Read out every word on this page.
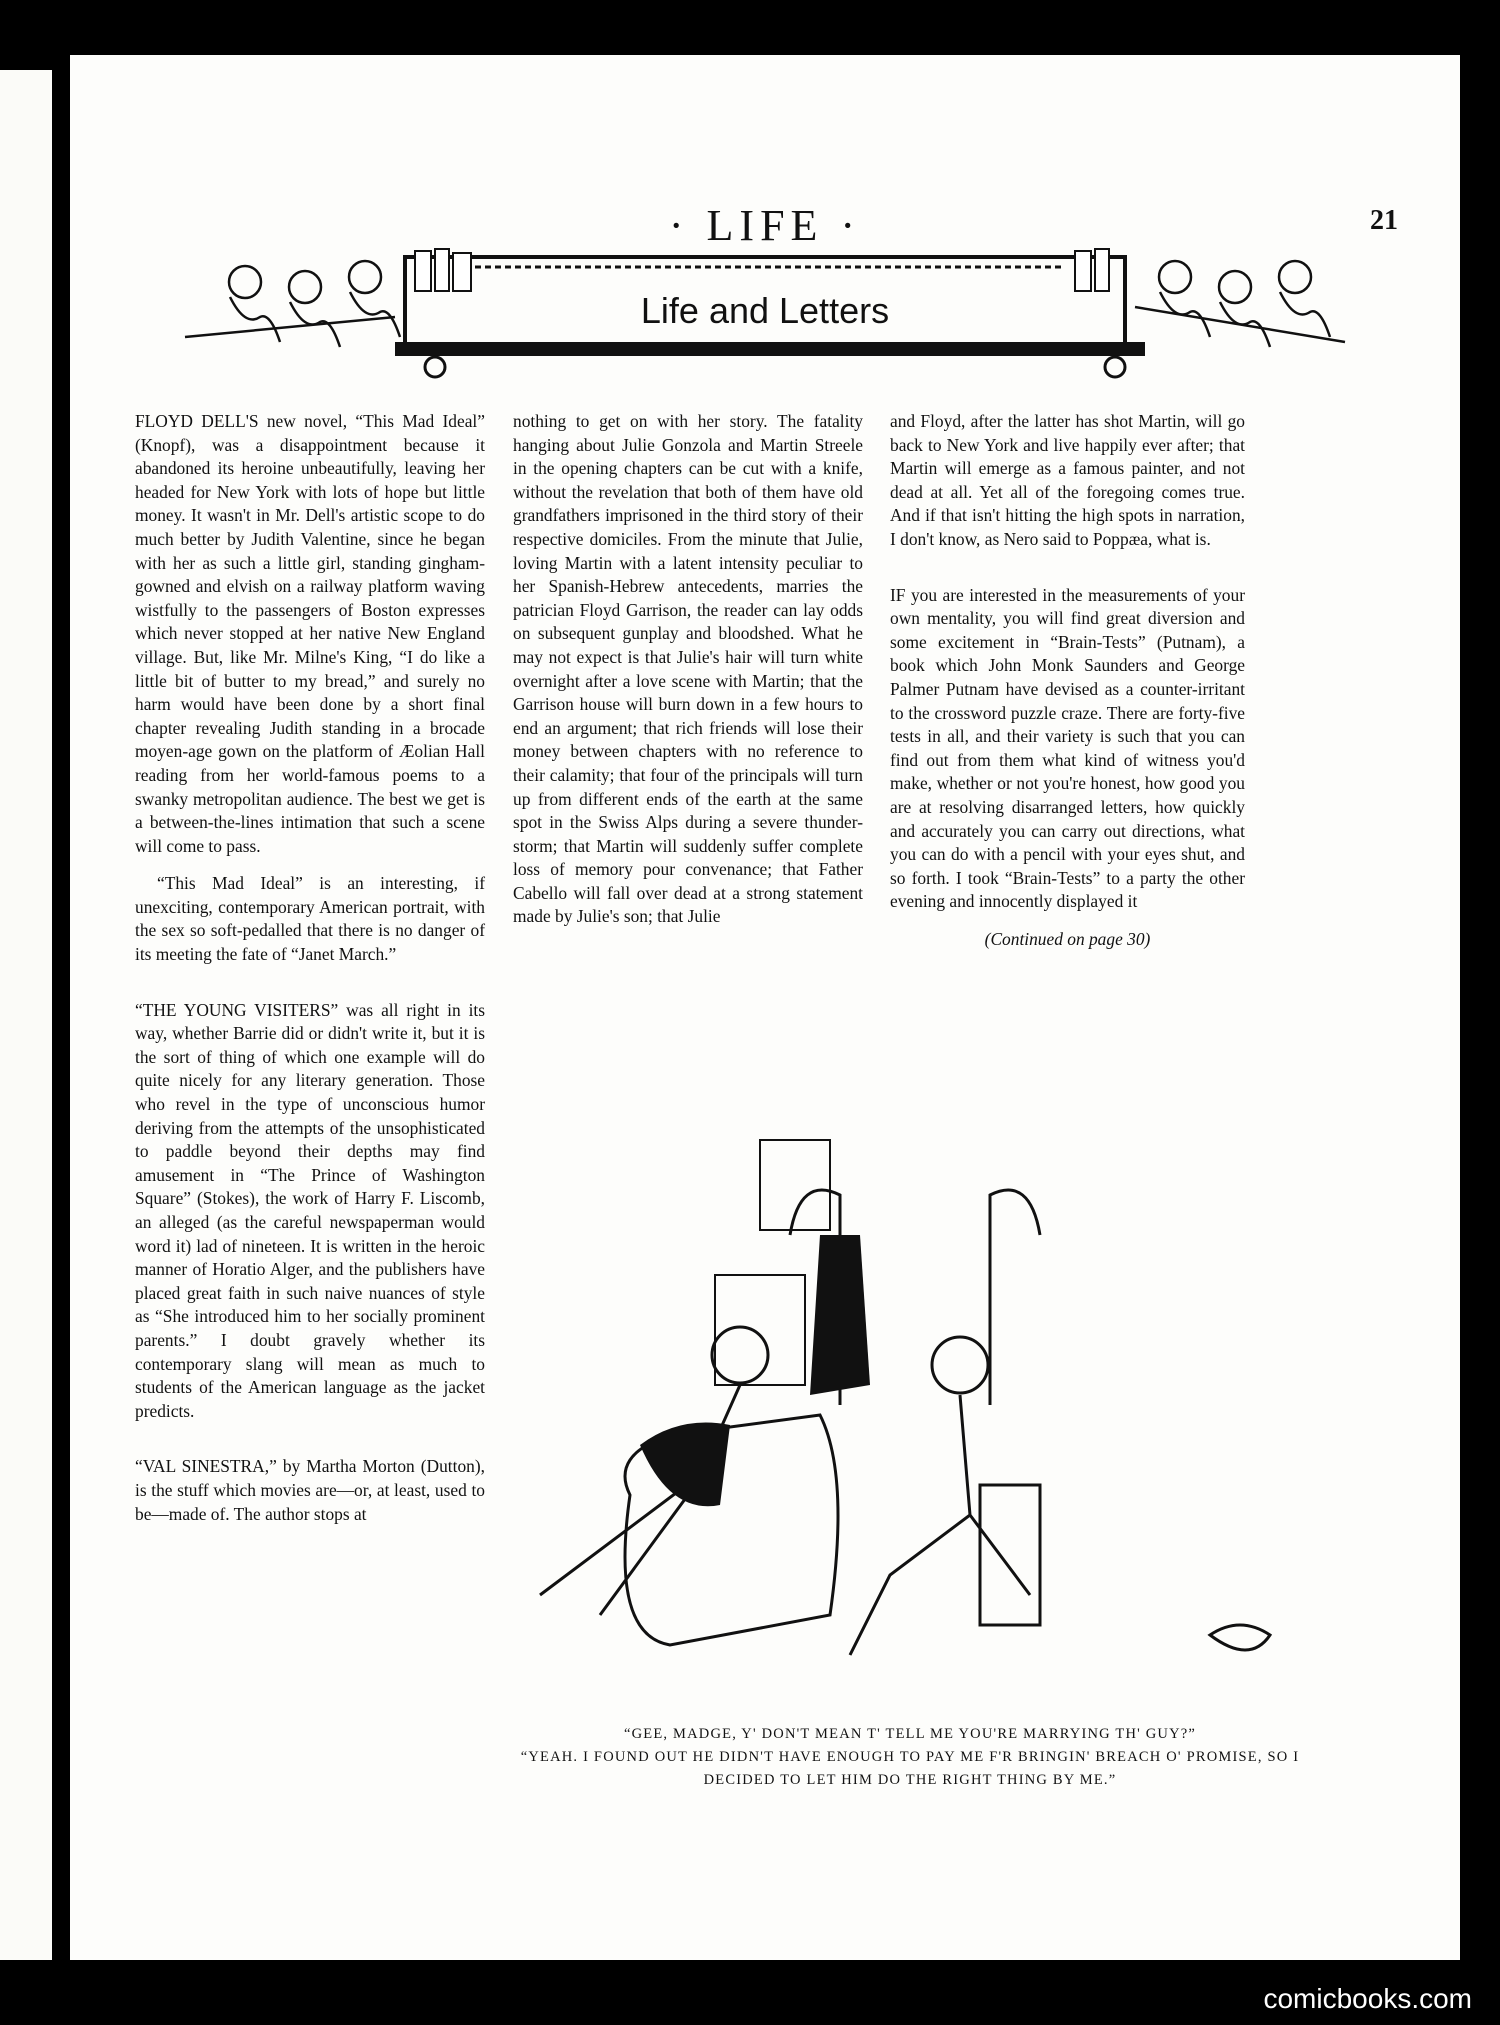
· LIFE ·	21
Life and Letters

FLOYD DELL'S new novel, “This Mad Ideal” (Knopf), was a disappointment because it abandoned its heroine unbeautifully, leaving her headed for New York with lots of hope but little money. It wasn't in Mr. Dell's artistic scope to do much better by Judith Valentine, since he began with her as such a little girl, standing gingham-gowned and elvish on a railway platform waving wistfully to the passengers of Boston expresses which never stopped at her native New England village. But, like Mr. Milne's King, “I do like a little bit of butter to my bread,” and surely no harm would have been done by a short final chapter revealing Judith standing in a brocade moyen-age gown on the platform of Æolian Hall reading from her world-famous poems to a swanky metropolitan audience. The best we get is a between-the-lines intimation that such a scene will come to pass.

“This Mad Ideal” is an interesting, if unexciting, contemporary American portrait, with the sex so soft-pedalled that there is no danger of its meeting the fate of “Janet March.”

“THE YOUNG VISITERS” was all right in its way, whether Barrie did or didn't write it, but it is the sort of thing of which one example will do quite nicely for any literary generation. Those who revel in the type of unconscious humor deriving from the attempts of the unsophisticated to paddle beyond their depths may find amusement in “The Prince of Washington Square” (Stokes), the work of Harry F. Liscomb, an alleged (as the careful newspaperman would word it) lad of nineteen. It is written in the heroic manner of Horatio Alger, and the publishers have placed great faith in such naive nuances of style as “She introduced him to her socially prominent parents.” I doubt gravely whether its contemporary slang will mean as much to students of the American language as the jacket predicts.

“VAL SINESTRA,” by Martha Morton (Dutton), is the stuff which movies are—or, at least, used to be—made of. The author stops at

nothing to get on with her story. The fatality hanging about Julie Gonzola and Martin Streele in the opening chapters can be cut with a knife, without the revelation that both of them have old grandfathers imprisoned in the third story of their respective domiciles. From the minute that Julie, loving Martin with a latent intensity peculiar to her Spanish-Hebrew antecedents, marries the patrician Floyd Garrison, the reader can lay odds on subsequent gunplay and bloodshed. What he may not expect is that Julie's hair will turn white overnight after a love scene with Martin; that the Garrison house will burn down in a few hours to end an argument; that rich friends will lose their money between chapters with no reference to their calamity; that four of the principals will turn up from different ends of the earth at the same spot in the Swiss Alps during a severe thunder-storm; that Martin will suddenly suffer complete loss of memory pour convenance; that Father Cabello will fall over dead at a strong statement made by Julie's son; that Julie

and Floyd, after the latter has shot Martin, will go back to New York and live happily ever after; that Martin will emerge as a famous painter, and not dead at all. Yet all of the foregoing comes true. And if that isn't hitting the high spots in narration, I don't know, as Nero said to Poppæa, what is.

IF you are interested in the measurements of your own mentality, you will find great diversion and some excitement in “Brain-Tests” (Putnam), a book which John Monk Saunders and George Palmer Putnam have devised as a counter-irritant to the crossword puzzle craze. There are forty-five tests in all, and their variety is such that you can find out from them what kind of witness you'd make, whether or not you're honest, how good you are at resolving disarranged letters, how quickly and accurately you can carry out directions, what you can do with a pencil with your eyes shut, and so forth. I took “Brain-Tests” to a party the other evening and innocently displayed it

(Continued on page 30)
“GEE, MADGE, Y' DON'T MEAN T' TELL ME YOU'RE MARRYING TH' GUY?”
“YEAH. I FOUND OUT HE DIDN'T HAVE ENOUGH TO PAY ME F'R BRINGIN' BREACH O' PROMISE, SO I DECIDED TO LET HIM DO THE RIGHT THING BY ME.”
comicbooks.com
